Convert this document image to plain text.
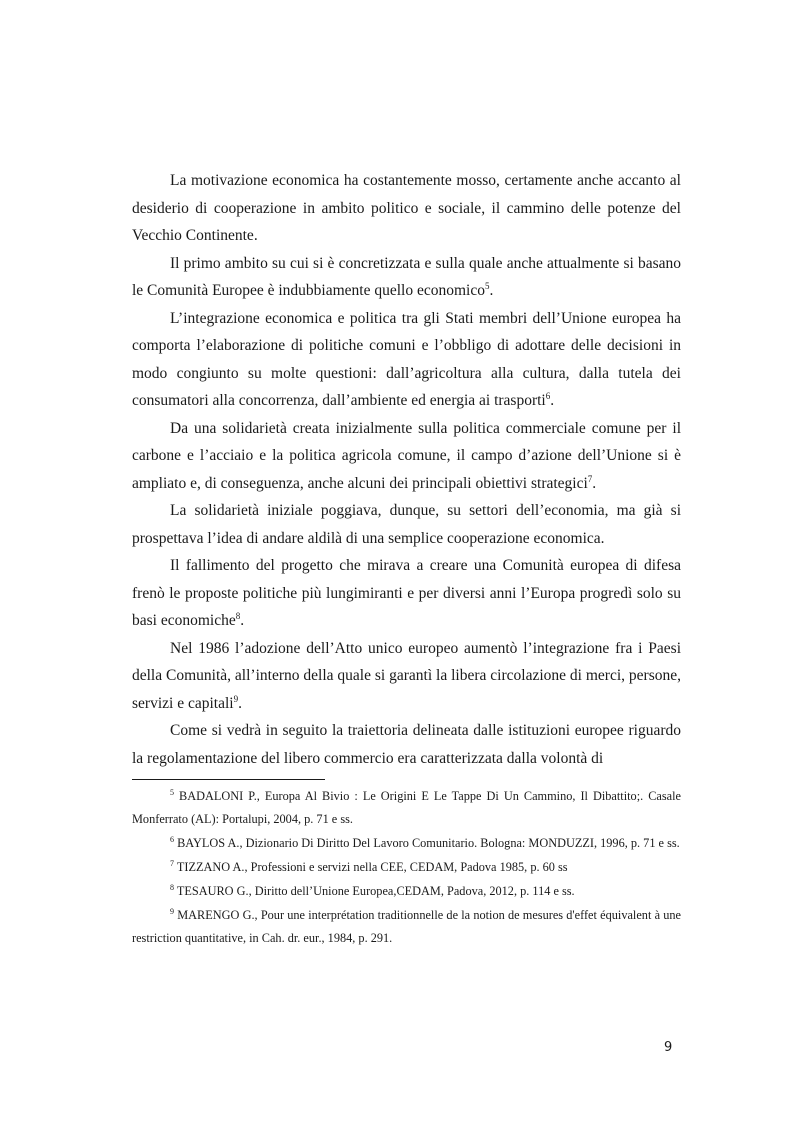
La motivazione economica ha costantemente mosso, certamente anche accanto al desiderio di cooperazione in ambito politico e sociale, il cammino delle potenze del Vecchio Continente.

Il primo ambito su cui si è concretizzata e sulla quale anche attualmente si basano le Comunità Europee è indubbiamente quello economico$^5$.

L’integrazione economica e politica tra gli Stati membri dell’Unione europea ha comporta l’elaborazione di politiche comuni e l’obbligo di adottare delle decisioni in modo congiunto su molte questioni: dall’agricoltura alla cultura, dalla tutela dei consumatori alla concorrenza, dall’ambiente ed energia ai trasporti$^6$.

Da una solidarietà creata inizialmente sulla politica commerciale comune per il carbone e l’acciaio e la politica agricola comune, il campo d’azione dell’Unione si è ampliato e, di conseguenza, anche alcuni dei principali obiettivi strategici$^7$.

La solidarietà iniziale poggiava, dunque, su settori dell’economia, ma già si prospettava l’idea di andare aldilà di una semplice cooperazione economica.

Il fallimento del progetto che mirava a creare una Comunità europea di difesa frenò le proposte politiche più lungimiranti e per diversi anni l’Europa progredì solo su basi economiche$^8$.

Nel 1986 l’adozione dell’Atto unico europeo aumentò l’integrazione fra i Paesi della Comunità, all’interno della quale si garantì la libera circolazione di merci, persone, servizi e capitali$^9$.

Come si vedrà in seguito la traiettoria delineata dalle istituzioni europee riguardo la regolamentazione del libero commercio era caratterizzata dalla volontà di

$^5$ BADALONI P., Europa Al Bivio : Le Origini E Le Tappe Di Un Cammino, Il Dibattito;. Casale Monferrato (AL): Portalupi, 2004, p. 71 e ss.

$^6$ BAYLOS A., Dizionario Di Diritto Del Lavoro Comunitario. Bologna: MONDUZZI, 1996, p. 71 e ss.

$^7$ TIZZANO A., Professioni e servizi nella CEE, CEDAM, Padova 1985, p. 60 ss

$^8$ TESAURO G., Diritto dell’Unione Europea,CEDAM, Padova, 2012, p. 114 e ss.

$^9$ MARENGO G., Pour une interprétation traditionnelle de la notion de mesures d'effet équivalent à une restriction quantitative, in Cah. dr. eur., 1984, p. 291.

9
